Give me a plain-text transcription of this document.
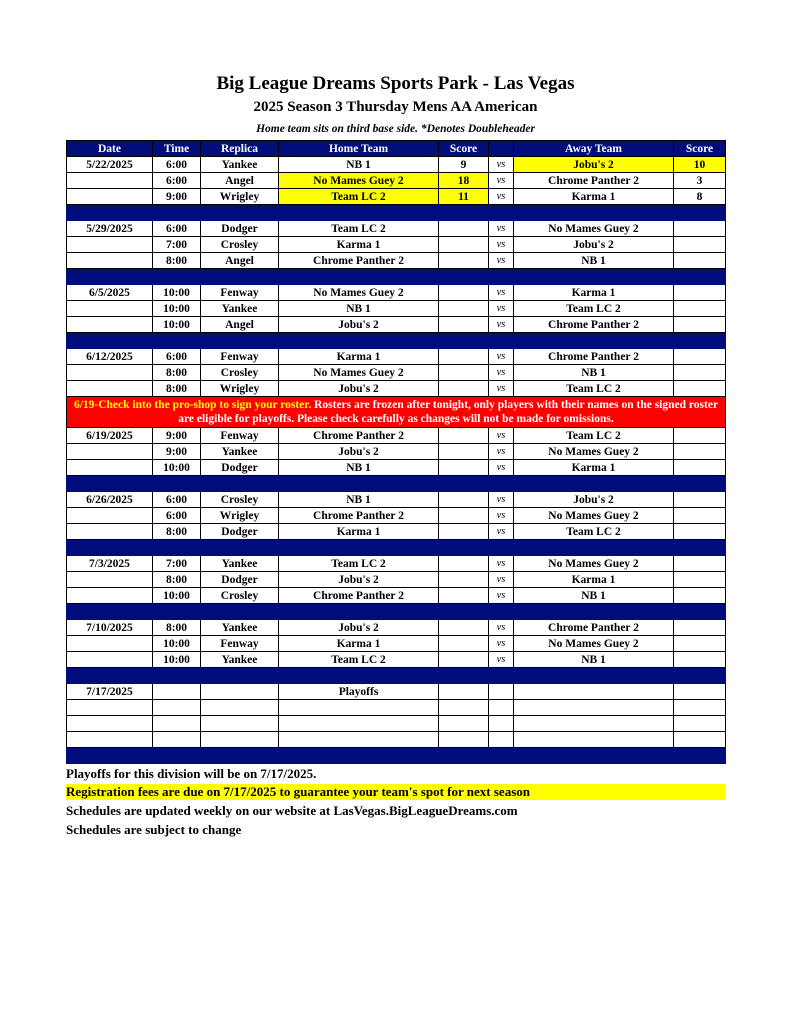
Big League Dreams Sports Park - Las Vegas
2025 Season 3 Thursday Mens AA American
Home team sits on third base side. *Denotes Doubleheader
Date	Time	Replica	Home Team	Score		Away Team	Score
5/22/2025	6:00	Yankee	NB 1	9	vs	Jobu's 2	10
	6:00	Angel	No Mames Guey 2	18	vs	Chrome Panther 2	3
	9:00	Wrigley	Team LC 2	11	vs	Karma 1	8

5/29/2025	6:00	Dodger	Team LC 2		vs	No Mames Guey 2	
	7:00	Crosley	Karma 1		vs	Jobu's 2	
	8:00	Angel	Chrome Panther 2		vs	NB 1	

6/5/2025	10:00	Fenway	No Mames Guey 2		vs	Karma 1	
	10:00	Yankee	NB 1		vs	Team LC 2	
	10:00	Angel	Jobu's 2		vs	Chrome Panther 2	

6/12/2025	6:00	Fenway	Karma 1		vs	Chrome Panther 2	
	8:00	Crosley	No Mames Guey 2		vs	NB 1	
	8:00	Wrigley	Jobu's 2		vs	Team LC 2	
6/19-Check into the pro-shop to sign your roster. Rosters are frozen after tonight, only players with their names on the signed roster are eligible for playoffs. Please check carefully as changes will not be made for omissions.							
6/19/2025	9:00	Fenway	Chrome Panther 2		vs	Team LC 2	
	9:00	Yankee	Jobu's 2		vs	No Mames Guey 2	
	10:00	Dodger	NB 1		vs	Karma 1	

6/26/2025	6:00	Crosley	NB 1		vs	Jobu's 2	
	6:00	Wrigley	Chrome Panther 2		vs	No Mames Guey 2	
	8:00	Dodger	Karma 1		vs	Team LC 2	

7/3/2025	7:00	Yankee	Team LC 2		vs	No Mames Guey 2	
	8:00	Dodger	Jobu's 2		vs	Karma 1	
	10:00	Crosley	Chrome Panther 2		vs	NB 1	

7/10/2025	8:00	Yankee	Jobu's 2		vs	Chrome Panther 2	
	10:00	Fenway	Karma 1		vs	No Mames Guey 2	
	10:00	Yankee	Team LC 2		vs	NB 1	

7/17/2025			Playoffs				

Playoffs for this division will be on 7/17/2025.
Registration fees are due on 7/17/2025 to guarantee your team's spot for next season
Schedules are updated weekly on our website at LasVegas.BigLeagueDreams.com
Schedules are subject to change
